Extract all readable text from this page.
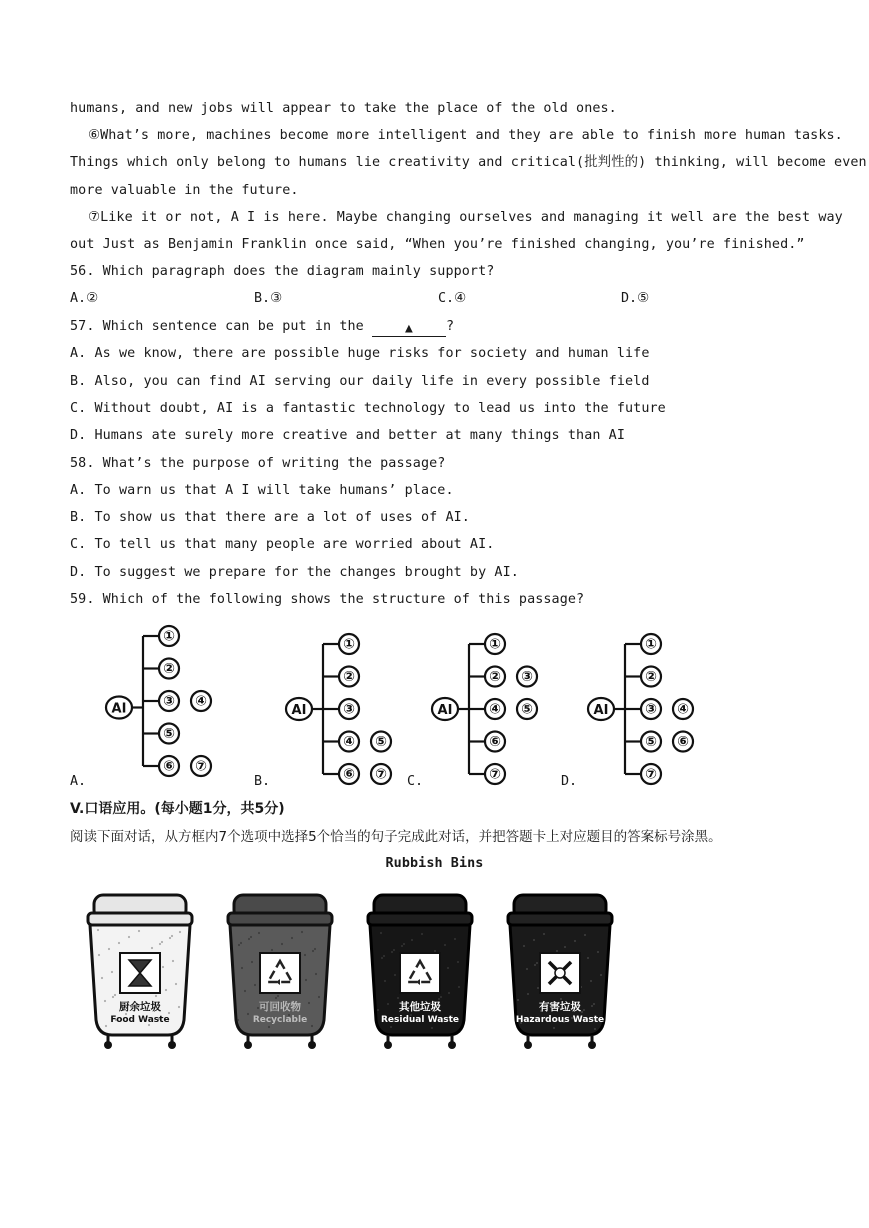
humans, and new jobs will appear to take the place of the old ones.
⑥What’s more, machines become more intelligent and they are able to finish more human tasks.
Things which only belong to humans lie creativity and critical(批判性的) thinking, will become even
more valuable in the future.
⑦Like it or not, A I is here. Maybe changing ourselves and managing it well are the best way
out Just as Benjamin Franklin once said, “When you’re finished changing, you’re finished.”
56. Which paragraph does the diagram mainly support?
A.②	B.③	C.④	D.⑤
57. Which sentence can be put in the	▲ ?
A. As we know, there are possible huge risks for society and human life
B. Also, you can find AI serving our daily life in every possible field
C. Without doubt, AI is a fantastic technology to lead us into the future
D. Humans ate surely more creative and better at many things than AI
58. What’s the purpose of writing the passage?
A. To warn us that A I will take humans’ place.
B. To show us that there are a lot of uses of AI.
C. To tell us that many people are worried about AI.
D. To suggest we prepare for the changes brought by AI.
59. Which of the following shows the structure of this passage?
AI
①
②
③ ④
⑤
⑥ ⑦
AI
①
②
③
④ ⑤
⑥ ⑦
AI
①
② ③
④ ⑤
⑥
⑦
AI
①
②
③ ④
⑤ ⑥
⑦
A.	B.	C.	D.
V.口语应用。(每小题1分，共5分)
阅读下面对话，从方框内7个选项中选择5个恰当的句子完成此对话，并把答题卡上对应题目的答案标号涂黑。
Rubbish Bins
厨余垃圾
Food Waste
可回收物
Recyclable
其他垃圾
Residual Waste
有害垃圾
Hazardous Waste
